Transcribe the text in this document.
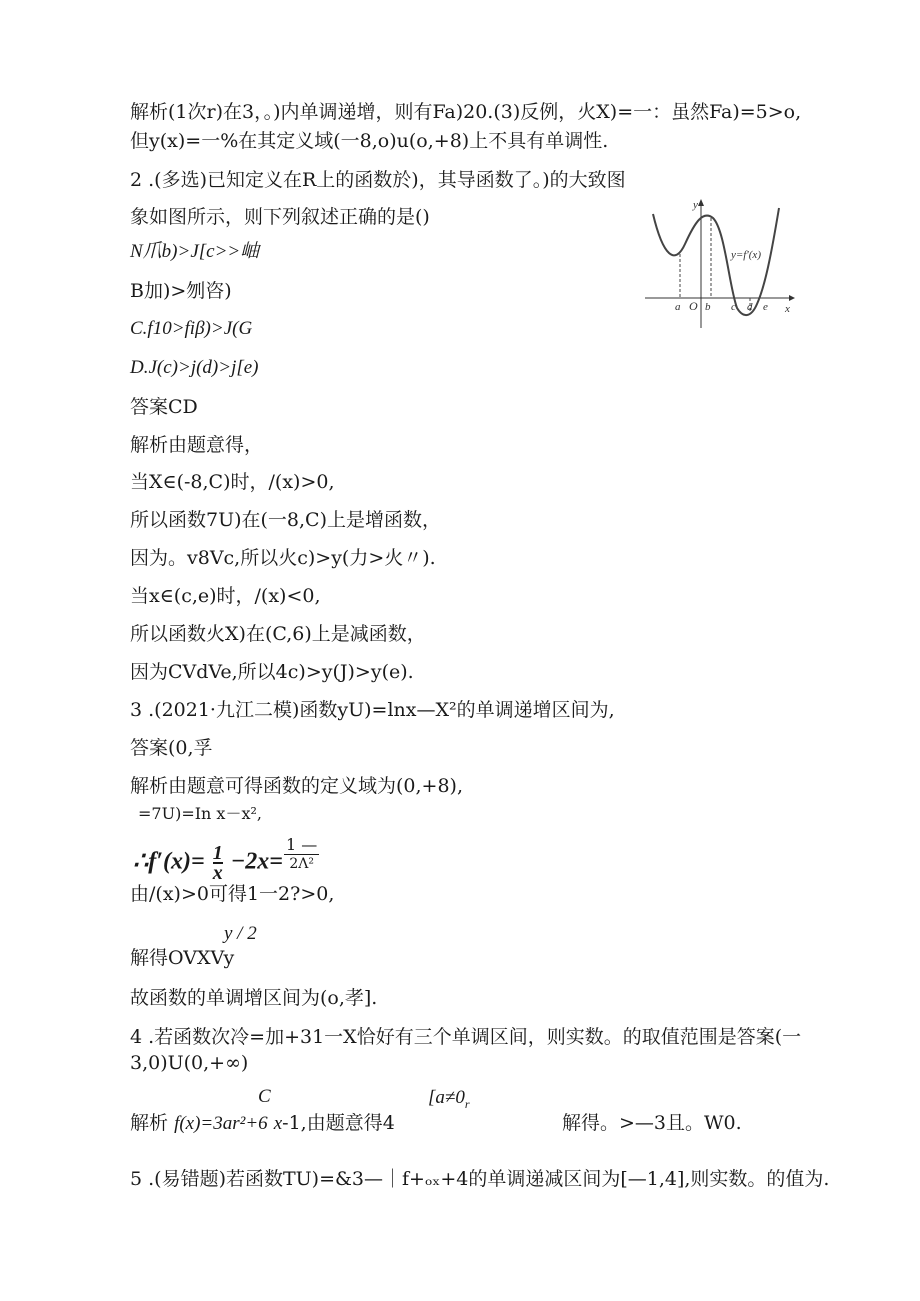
解析(1次r)在3，。)内单调递增，则有Fa)20.(3)反例，火X)=一：虽然Fa)=5>o,
但y(x)=一%在其定义域(一8,o)u(o,+8)上不具有单调性.
2 .(多选)已知定义在R上的函数於)，其导函数了。)的大致图
象如图所示，则下列叙述正确的是()
N爪b)>J[c>>岫
B加)>刎咨)
C.f10>fiβ)>J(G
D.J(c)>j(d)>j[e)
答案CD
解析由题意得，
当X∈(-8,C)时，/(x)>0,
所以函数7U)在(一8,C)上是增函数，
因为。v8Vc,所以火c)>y(力>火〃).
当x∈(c,e)时，/(x)<0,
所以函数火X)在(C,6)上是减函数，
因为CVdVe,所以4c)>y(J)>y(e).
3 .(2021·九江二模)函数yU)=lnx—X²的单调递增区间为,
答案(0,孚
解析由题意可得函数的定义域为(0,+8),
=7U)=In x－x²,
∴f′(x)= $\frac{1}{x} -2x= \frac{1 —}{\text{2Λ²}}$
由/(x)>0可得1一2?>0,
y / 2
解得OVXVy
故函数的单调增区间为(o,孝].
4 .若函数次冷=加+31一X恰好有三个单调区间，则实数。的取值范围是答案(一
3,0)U(0,+∞)
C	[$a\ne 0_r$
解析 f(x)=3ar²+6 x-1,由题意得4	解得。>—3且。W0.
5 .(易错题)若函数TU)=&3—｜f+ₒₓ+4的单调递减区间为[—1,4],则实数。的值为.
y
x
y=f′(x)
a O b c d e
